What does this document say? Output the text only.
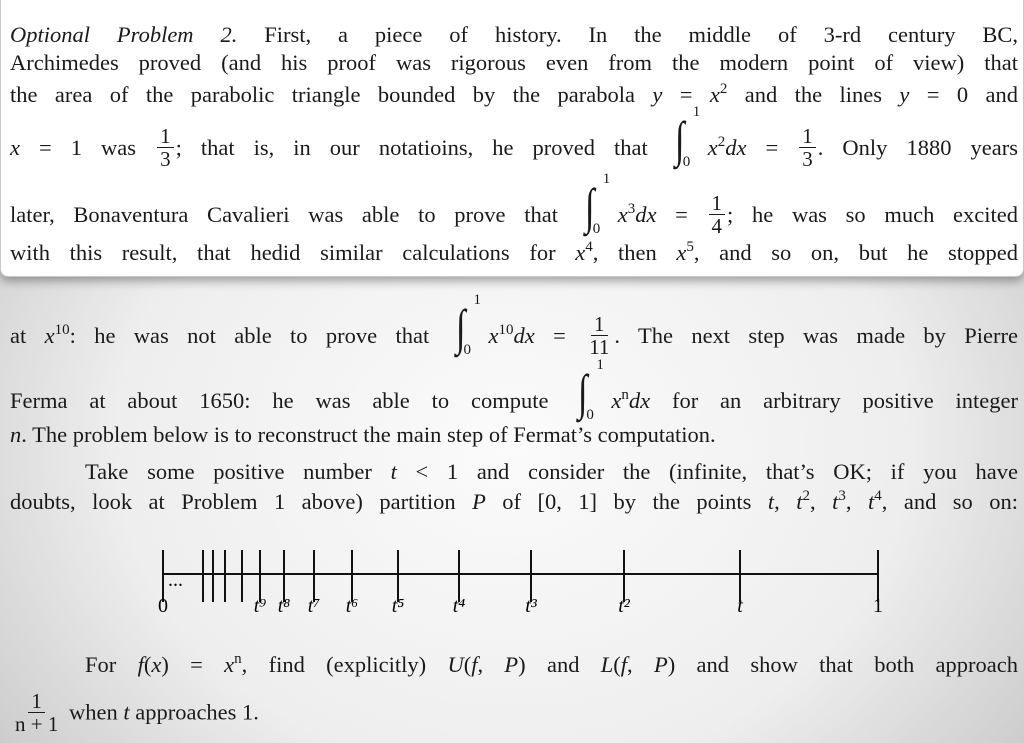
Optional Problem 2. First, a piece of history. In the middle of 3-rd century BC,
Archimedes proved (and his proof was rigorous even from the modern point of view) that
the area of the parabolic triangle bounded by the parabola $y = x^2$ and the lines y = 0 and
x = 1 was $\frac{1}{3}$ ; that is, in our notatioins, he proved that ∫ 1
0
$x^2dx = \frac{1}{3}$ . Only 1880 years
later, Bonaventura Cavalieri was able to prove that ∫ 1
0
$x^3dx = \frac{1}{4}$ ; he was so much excited
with this result, that hedid similar calculations for $x^4$, then $x^5$, and so on, but he stopped
at $x^{10}$: he was not able to prove that ∫ 1
0
$x^{10}dx = \frac{1}{11}$ . The next step was made by Pierre
Ferma at about 1650: he was able to compute ∫ 1
0
$x^ndx$ for an arbitrary positive integer
n. The problem below is to reconstruct the main step of Fermat’s computation.
Take some positive number t < 1 and consider the (infinite, that’s OK; if you have
doubts, look at Problem 1 above) partition P of [0, 1] by the points t, $t^2$, $t^3$, $t^4$, and so on:
For $f(x) = x^n$, find (explicitly) U(f, P) and L(f, P) and show that both approach
$\frac{1}{n + 1}$ when t approaches 1.
...
0	t⁹ t⁸ t⁷ t⁶ t⁵ t⁴	t³	t²	t	1
